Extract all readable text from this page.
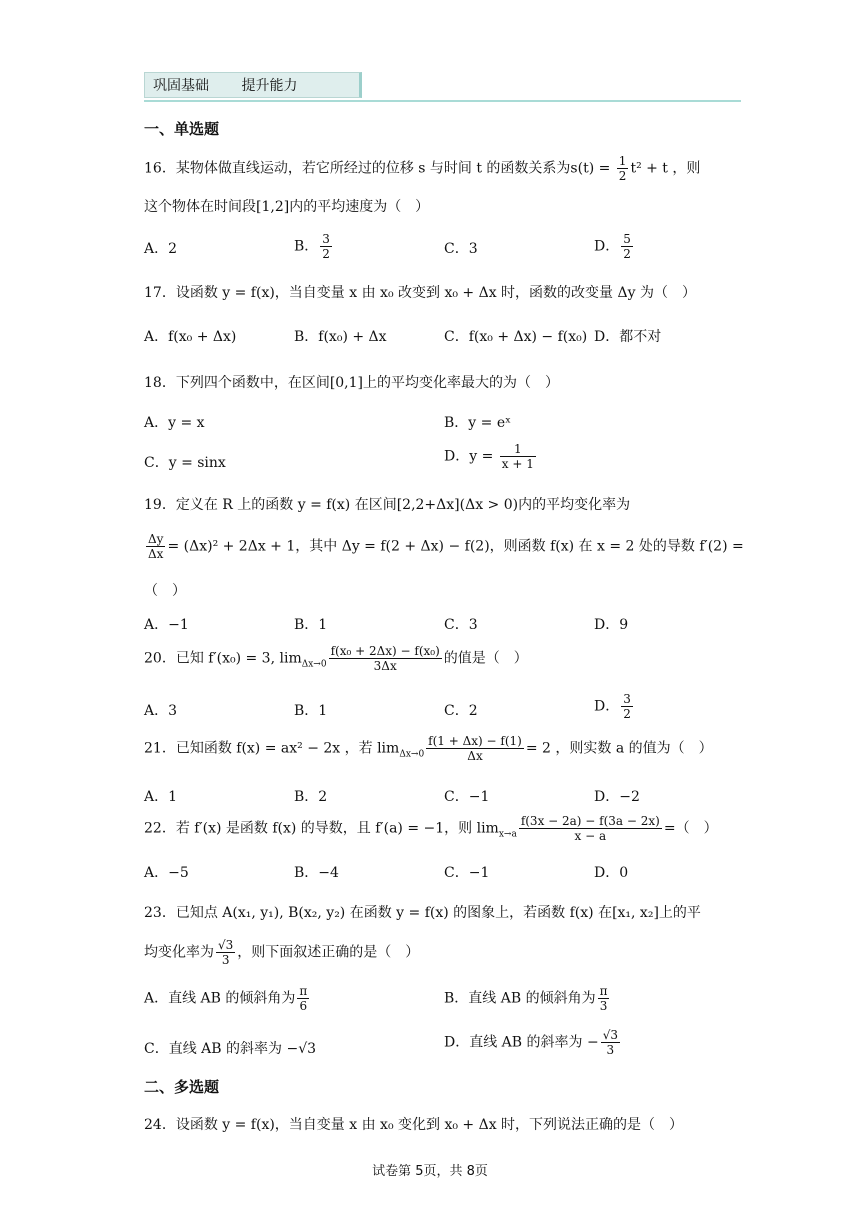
巩固基础 提升能力
一、单选题
16．某物体做直线运动，若它所经过的位移 s 与时间 t 的函数关系为$s(t) = \frac{1}{2} t^2 + t$ ，则
这个物体在时间段[1,2]内的平均速度为（　）
A．2	B． $\frac{3}{2}$	C．3	D． $\frac{5}{2}$
17．设函数 y = f(x)，当自变量 x 由 x₀ 改变到 x₀ + Δx 时，函数的改变量 Δy 为（　）
A．f(x₀ + Δx)	B．f(x₀) + Δx	C．f(x₀ + Δx) − f(x₀) D．都不对
18．下列四个函数中，在区间[0,1]上的平均变化率最大的为（　）
A．y = x	B．y = eˣ
C．y = sinx	D．$y = \frac{1}{x + 1}$
19．定义在 R 上的函数 y = f(x) 在区间[2,2+Δx](Δx > 0)内的平均变化率为
$\frac{\Delta y}{\Delta x} = (\Delta x)^2 + 2\Delta x + 1$，其中 Δy = f(2 + Δx) − f(2)，则函数 f(x) 在 x = 2 处的导数 f′(2) =
（　）
A．−1	B．1	C．3	D．9
20．已知 f′(x₀) = 3, $\lim_{\Delta x\to 0} \frac{\text{f(x₀ + 2Δx) − f(x₀)}}{3\Delta x}$ 的值是（　）
A．3	B．1	C．2	D． $\frac{3}{2}$
21．已知函数 f(x) = ax² − 2x ，若 $\lim_{\Delta x\to 0} \frac{f(1 + \Delta x) - f(1)}{\Delta x} = 2$ ，则实数 a 的值为（　）
A．1	B．2	C．−1	D．−2
22．若 f′(x) 是函数 f(x) 的导数，且 f′(a) = −1，则 $\lim_{x\to a} \frac{f(3x - 2a) - f(3a - 2x)}{x - a}$ =（　）
A．−5	B．−4	C．−1	D．0
23．已知点 A(x₁, y₁), B(x₂, y₂) 在函数 y = f(x) 的图象上，若函数 f(x) 在[x₁, x₂]上的平
均变化率为 $\frac{√3}{3}$ ，则下面叙述正确的是（　）
A．直线 AB 的倾斜角为 $\frac{\pi}{6}$	B．直线 AB 的倾斜角为 $\frac{\pi}{3}$
C．直线 AB 的斜率为 −√3	D．直线 AB 的斜率为 − $\frac{√3}{3}$
二、多选题
24．设函数 y = f(x)，当自变量 x 由 x₀ 变化到 x₀ + Δx 时，下列说法正确的是（　）
试卷第 5页，共 8页
